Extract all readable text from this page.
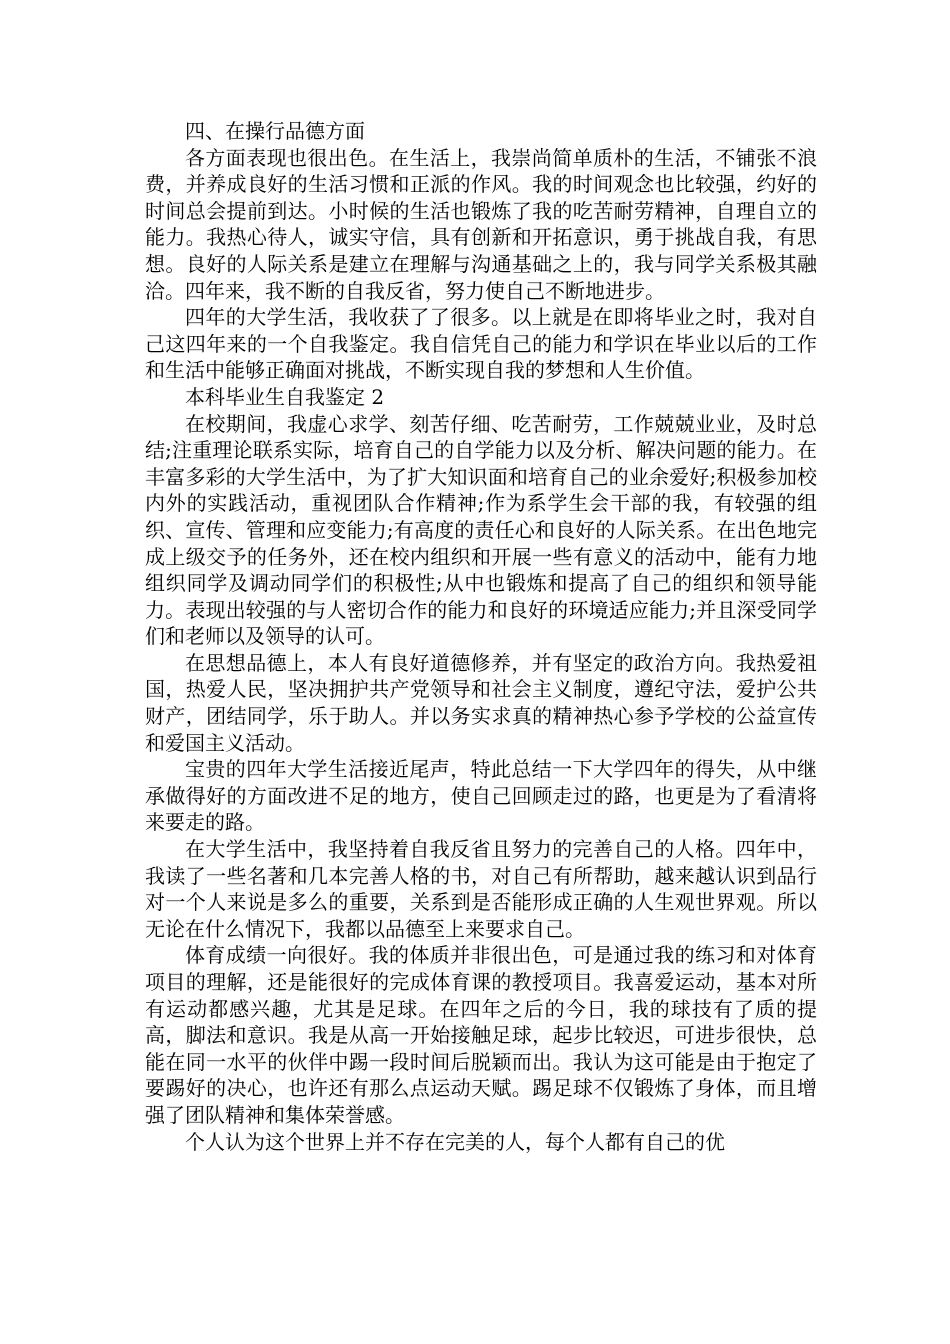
四、在操行品德方面

各方面表现也很出色。在生活上，我崇尚简单质朴的生活，不铺张不浪费，并养成良好的生活习惯和正派的作风。我的时间观念也比较强，约好的时间总会提前到达。小时候的生活也锻炼了我的吃苦耐劳精神，自理自立的能力。我热心待人，诚实守信，具有创新和开拓意识，勇于挑战自我，有思想。良好的人际关系是建立在理解与沟通基础之上的，我与同学关系极其融洽。四年来，我不断的自我反省，努力使自己不断地进步。

四年的大学生活，我收获了了很多。以上就是在即将毕业之时，我对自己这四年来的一个自我鉴定。我自信凭自己的能力和学识在毕业以后的工作和生活中能够正确面对挑战，不断实现自我的梦想和人生价值。

本科毕业生自我鉴定 2

在校期间，我虚心求学、刻苦仔细、吃苦耐劳，工作兢兢业业，及时总结;注重理论联系实际，培育自己的自学能力以及分析、解决问题的能力。在丰富多彩的大学生活中，为了扩大知识面和培育自己的业余爱好;积极参加校内外的实践活动，重视团队合作精神;作为系学生会干部的我，有较强的组织、宣传、管理和应变能力;有高度的责任心和良好的人际关系。在出色地完成上级交予的任务外，还在校内组织和开展一些有意义的活动中，能有力地组织同学及调动同学们的积极性;从中也锻炼和提高了自己的组织和领导能力。表现出较强的与人密切合作的能力和良好的环境适应能力;并且深受同学们和老师以及领导的认可。

在思想品德上，本人有良好道德修养，并有坚定的政治方向。我热爱祖国，热爱人民，坚决拥护共产党领导和社会主义制度，遵纪守法，爱护公共财产，团结同学，乐于助人。并以务实求真的精神热心参予学校的公益宣传和爱国主义活动。

宝贵的四年大学生活接近尾声，特此总结一下大学四年的得失，从中继承做得好的方面改进不足的地方，使自己回顾走过的路，也更是为了看清将来要走的路。

在大学生活中，我坚持着自我反省且努力的完善自己的人格。四年中，我读了一些名著和几本完善人格的书，对自己有所帮助，越来越认识到品行对一个人来说是多么的重要，关系到是否能形成正确的人生观世界观。所以无论在什么情况下，我都以品德至上来要求自己。

体育成绩一向很好。我的体质并非很出色，可是通过我的练习和对体育项目的理解，还是能很好的完成体育课的教授项目。我喜爱运动，基本对所有运动都感兴趣，尤其是足球。在四年之后的今日，我的球技有了质的提高，脚法和意识。我是从高一开始接触足球，起步比较迟，可进步很快，总能在同一水平的伙伴中踢一段时间后脱颖而出。我认为这可能是由于抱定了要踢好的决心，也许还有那么点运动天赋。踢足球不仅锻炼了身体，而且增强了团队精神和集体荣誉感。

个人认为这个世界上并不存在完美的人，每个人都有自己的优
